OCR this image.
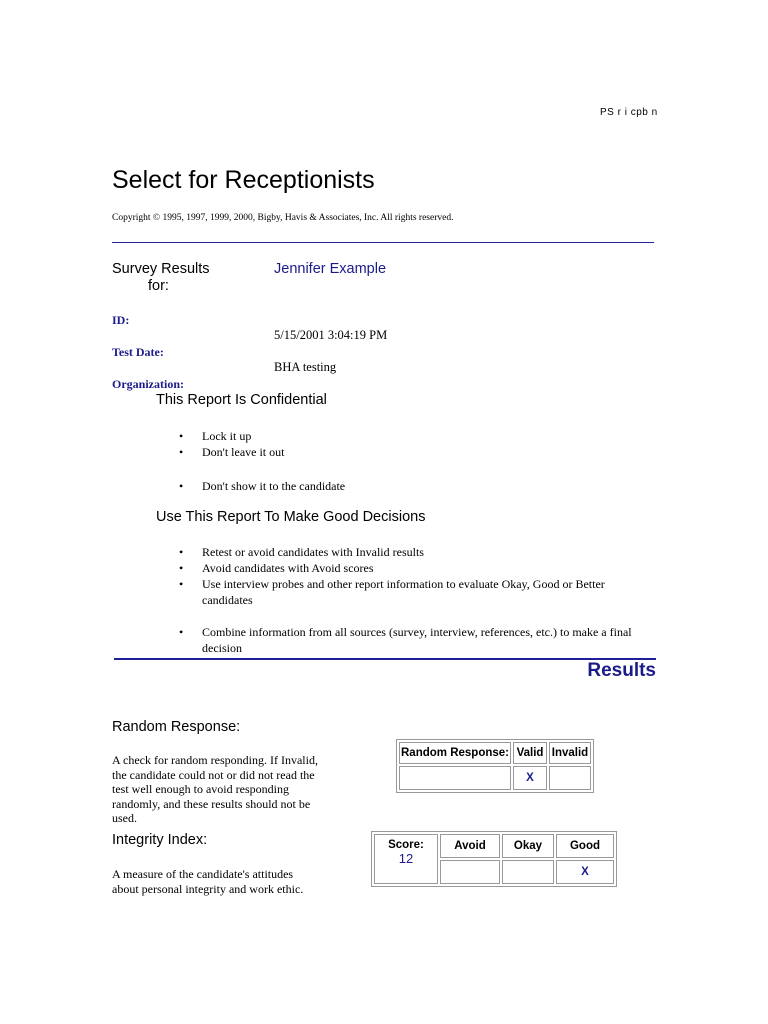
PS r i cpb n
Select for Receptionists
Copyright © 1995, 1997, 1999, 2000, Bigby, Havis & Associates, Inc. All rights reserved.
Survey Results
for:
Jennifer Example
ID:
5/15/2001 3:04:19 PM
Test Date:
BHA testing
Organization:
This Report Is Confidential
• Lock it up
• Don't leave it out
• Don't show it to the candidate
Use This Report To Make Good Decisions
• Retest or avoid candidates with Invalid results
• Avoid candidates with Avoid scores
• Use interview probes and other report information to evaluate Okay, Good or Better candidates
• Combine information from all sources (survey, interview, references, etc.) to make a final decision
Results
Random Response:
A check for random responding. If Invalid, the candidate could not or did not read the test well enough to avoid responding randomly, and these results should not be used.
Random Response:	Valid	Invalid
	X	
Integrity Index:
A measure of the candidate's attitudes about personal integrity and work ethic.
Score:
12	Avoid	Okay	Good
			X
